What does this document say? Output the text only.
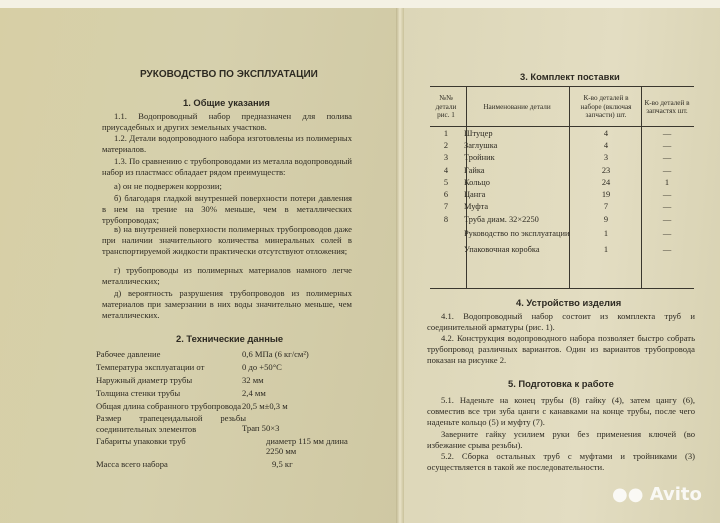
РУКОВОДСТВО ПО ЭКСПЛУАТАЦИИ
1. Общие указания
1.1. Водопроводный набор предназначен для полива приусадебных и других земельных участков.
1.2. Детали водопроводного набора изготовлены из полимерных материалов.
1.3. По сравнению с трубопроводами из металла водопроводный набор из пластмасс обладает рядом преимуществ:
а) он не подвержен коррозии;
б) благодаря гладкой внутренней поверхности потери давления в нем на трение на 30% меньше, чем в металлических трубопроводах;
в) на внутренней поверхности полимерных трубопроводов даже при наличии значительного количества минеральных солей в транспортируемой жидкости практически отсутствуют отложения;
г) трубопроводы из полимерных материалов намного легче металлических;
д) вероятность разрушения трубопроводов из полимерных материалов при замерзании в них воды значительно меньше, чем металлических.
2. Технические данные
Рабочее давление	0,6 МПа (6 кг/см²)
Температура эксплуатации от	0 до +50°С
Наружный диаметр трубы	32 мм
Толщина стенки трубы	2,4 мм
Общая длина собранного трубопровода 20,5 м±0,3 м
Размер трапецеидальной резьбы соединительных элементов	Трап 50×3
Габариты упаковки труб	диаметр 115 мм длина 2250 мм
Масса всего набора	9,5 кг
3. Комплект поставки
№№ детали рис. 1	Наименование детали	К-во деталей в наборе (включая запчасти) шт.	К-во деталей в запчастях шт.
1	Штуцер	4	—
2	Заглушка	4	—
3	Тройник	3	—
4	Гайка	23	—
5	Кольцо	24	1
6	Цанга	19	—
7	Муфта	7	—
8	Труба диам. 32×2250	9	—
	Руководство по эксплуатации	1	—
	Упаковочная коробка	1	—
4. Устройство изделия
4.1. Водопроводный набор состоит из комплекта труб и соединительной арматуры (рис. 1).
4.2. Конструкция водопроводного набора позволяет быстро собрать трубопровод различных вариантов. Один из вариантов трубопровода показан на рисунке 2.
5. Подготовка к работе
5.1. Наденьте на конец трубы (8) гайку (4), затем цангу (6), совместив все три зуба цанги с канавками на конце трубы, после чего наденьте кольцо (5) и муфту (7).
Заверните гайку усилием руки без применения ключей (во избежание срыва резьбы).
5.2. Сборка остальных труб с муфтами и тройниками (3) осуществляется в такой же последовательности.
●● Avito
